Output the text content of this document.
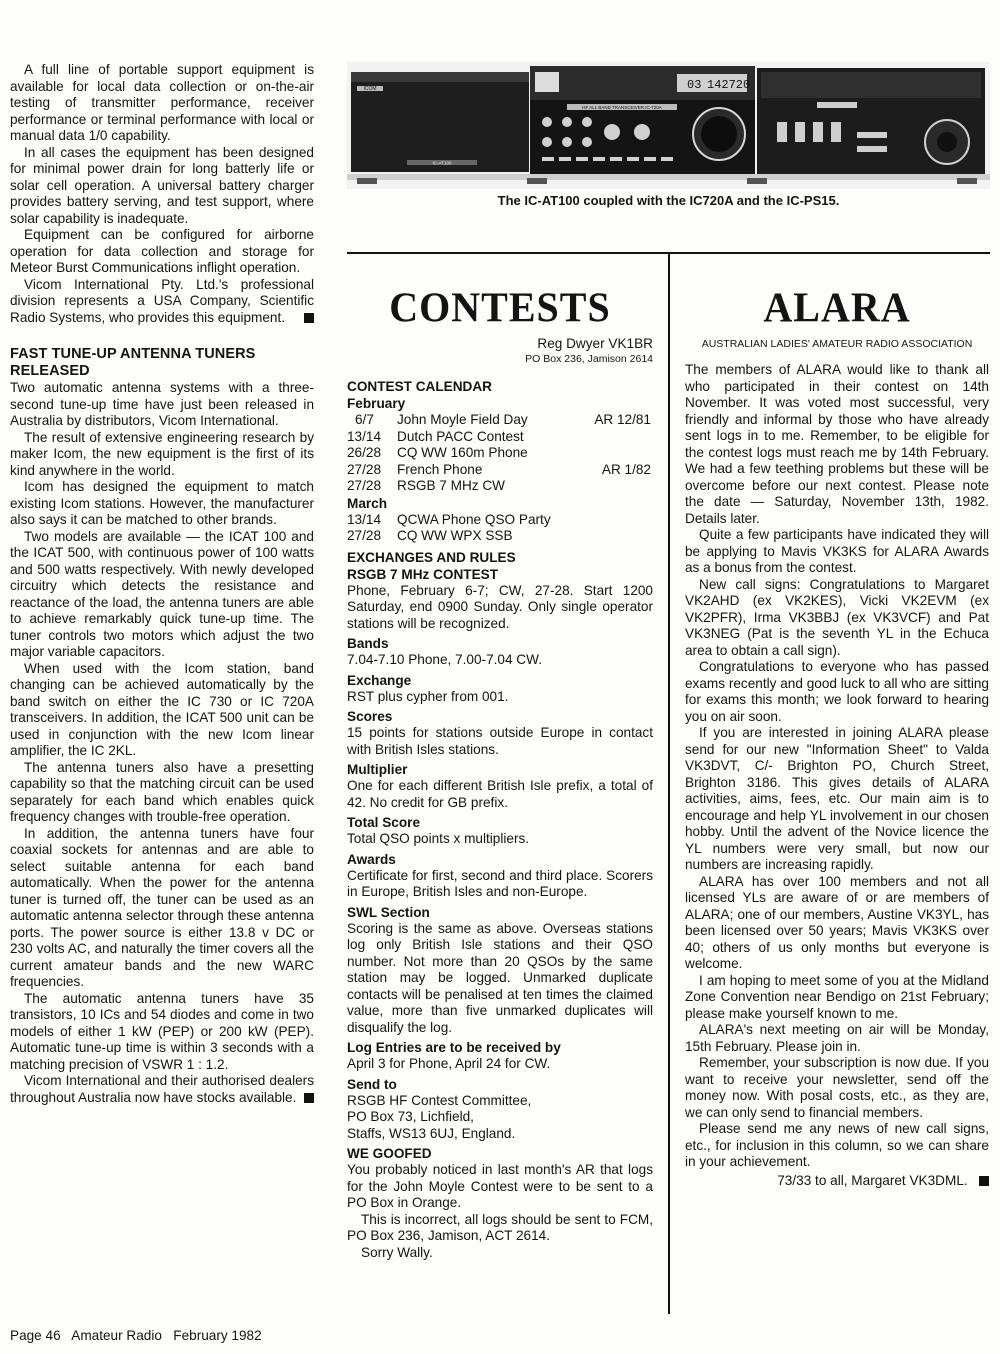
ICOM
IC-AT100
03 142720
HF ALL BAND TRANSCEIVER IC-720A
The IC-AT100 coupled with the IC720A and the IC-PS15.

A full line of portable support equipment is available for local data collection or on-the-air testing of transmitter performance, receiver performance or terminal performance with local or manual data 1/0 capability.

In all cases the equipment has been designed for minimal power drain for long batterly life or solar cell operation. A universal battery charger provides battery serving, and test support, where solar capability is inadequate.

Equipment can be configured for airborne operation for data collection and storage for Meteor Burst Communications inflight operation.

Vicom International Pty. Ltd.'s professional division represents a USA Company, Scientific Radio Systems, who provides this equipment.

FAST TUNE-UP ANTENNA TUNERS RELEASED

Two automatic antenna systems with a three-second tune-up time have just been released in Australia by distributors, Vicom International.

The result of extensive engineering research by maker Icom, the new equipment is the first of its kind anywhere in the world.

Icom has designed the equipment to match existing Icom stations. However, the manufacturer also says it can be matched to other brands.

Two models are available — the ICAT 100 and the ICAT 500, with continuous power of 100 watts and 500 watts respectively. With newly developed circuitry which detects the resistance and reactance of the load, the antenna tuners are able to achieve remarkably quick tune-up time. The tuner controls two motors which adjust the two major variable capacitors.

When used with the Icom station, band changing can be achieved automatically by the band switch on either the IC 730 or IC 720A transceivers. In addition, the ICAT 500 unit can be used in conjunction with the new Icom linear amplifier, the IC 2KL.

The antenna tuners also have a presetting capability so that the matching circuit can be used separately for each band which enables quick frequency changes with trouble-free operation.

In addition, the antenna tuners have four coaxial sockets for antennas and are able to select suitable antenna for each band automatically. When the power for the antenna tuner is turned off, the tuner can be used as an automatic antenna selector through these antenna ports. The power source is either 13.8 v DC or 230 volts AC, and naturally the timer covers all the current amateur bands and the new WARC frequencies.

The automatic antenna tuners have 35 transistors, 10 ICs and 54 diodes and come in two models of either 1 kW (PEP) or 200 kW (PEP). Automatic tune-up time is within 3 seconds with a matching precision of VSWR 1 : 1.2.

Vicom International and their authorised dealers throughout Australia now have stocks available.

CONTESTS
Reg Dwyer VK1BR
PO Box 236, Jamison 2614
CONTEST CALENDAR
February
6/7	John Moyle Field Day	AR 12/81
13/14	Dutch PACC Contest
26/28	CQ WW 160m Phone
27/28	French Phone	AR 1/82
27/28	RSGB 7 MHz CW
March
13/14	QCWA Phone QSO Party
27/28	CQ WW WPX SSB
EXCHANGES AND RULES
RSGB 7 MHz CONTEST

Phone, February 6-7; CW, 27-28. Start 1200 Saturday, end 0900 Sunday. Only single operator stations will be recognized.

Bands

7.04-7.10 Phone, 7.00-7.04 CW.

Exchange

RST plus cypher from 001.

Scores

15 points for stations outside Europe in contact with British Isles stations.

Multiplier

One for each different British Isle prefix, a total of 42. No credit for GB prefix.

Total Score

Total QSO points x multipliers.

Awards

Certificate for first, second and third place. Scorers in Europe, British Isles and non-Europe.

SWL Section

Scoring is the same as above. Overseas stations log only British Isle stations and their QSO number. Not more than 20 QSOs by the same station may be logged. Unmarked duplicate contacts will be penalised at ten times the claimed value, more than five unmarked duplicates will disqualify the log.

Log Entries are to be received by

April 3 for Phone, April 24 for CW.

Send to

RSGB HF Contest Committee,

PO Box 73, Lichfield,

Staffs, WS13 6UJ, England.

WE GOOFED

You probably noticed in last month's AR that logs for the John Moyle Contest were to be sent to a PO Box in Orange.

This is incorrect, all logs should be sent to FCM, PO Box 236, Jamison, ACT 2614.

Sorry Wally.

ALARA
AUSTRALIAN LADIES' AMATEUR RADIO ASSOCIATION

The members of ALARA would like to thank all who participated in their contest on 14th November. It was voted most successful, very friendly and informal by those who have already sent logs in to me. Remember, to be eligible for the contest logs must reach me by 14th February. We had a few teething problems but these will be overcome before our next contest. Please note the date — Saturday, November 13th, 1982. Details later.

Quite a few participants have indicated they will be applying to Mavis VK3KS for ALARA Awards as a bonus from the contest.

New call signs: Congratulations to Margaret VK2AHD (ex VK2KES), Vicki VK2EVM (ex VK2PFR), Irma VK3BBJ (ex VK3VCF) and Pat VK3NEG (Pat is the seventh YL in the Echuca area to obtain a call sign).

Congratulations to everyone who has passed exams recently and good luck to all who are sitting for exams this month; we look forward to hearing you on air soon.

If you are interested in joining ALARA please send for our new "Information Sheet" to Valda VK3DVT, C/- Brighton PO, Church Street, Brighton 3186. This gives details of ALARA activities, aims, fees, etc. Our main aim is to encourage and help YL involvement in our chosen hobby. Until the advent of the Novice licence the YL numbers were very small, but now our numbers are increasing rapidly.

ALARA has over 100 members and not all licensed YLs are aware of or are members of ALARA; one of our members, Austine VK3YL, has been licensed over 50 years; Mavis VK3KS over 40; others of us only months but everyone is welcome.

I am hoping to meet some of you at the Midland Zone Convention near Bendigo on 21st February; please make yourself known to me.

ALARA's next meeting on air will be Monday, 15th February. Please join in.

Remember, your subscription is now due. If you want to receive your newsletter, send off the money now. With posal costs, etc., as they are, we can only send to financial members.

Please send me any news of new call signs, etc., for inclusion in this column, so we can share in your achievement.

73/33 to all, Margaret VK3DML.
Page 46 Amateur Radio February 1982
